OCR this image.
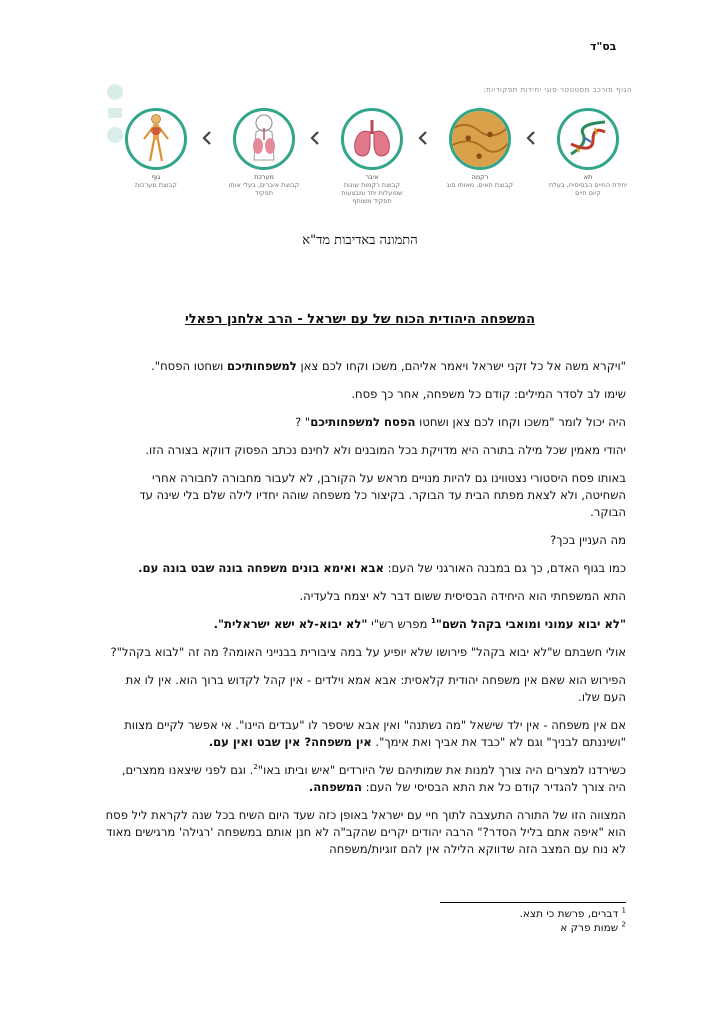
בס"ד
הגוף מורכב מסטטטר סוגי יחידות תפקודיות:
גוף
קבוצת מערכות
מערכת
קבוצת איברים, בעלי אותו תפקיד
איבר
קבוצת רקמות שונות שפועלות יחד ומבצעות תפקיד משותף
רקמה
קבוצת תאים, מאותו סוג
תא
יחידת החיים הבסיסית, בעלת קיום חיים
התמונה באדיבות מד"א
המשפחה היהודית הכוח של עם ישראל - הרב אלחנן רפאלי

"ויקרא משה אל כל זקני ישראל ויאמר אליהם, משכו וקחו לכם צאן למשפחותיכם ושחטו הפסח".

שימו לב לסדר המילים: קודם כל משפחה, אחר כך פסח.

היה יכול לומר "משכו וקחו לכם צאן ושחטו הפסח למשפחותיכם" ?

יהודי מאמין שכל מילה בתורה היא מדויקת בכל המובנים ולא לחינם נכתב הפסוק דווקא בצורה הזו.

באותו פסח היסטורי נצטווינו גם להיות מנויים מראש על הקורבן, לא לעבור מחבורה לחבורה אחרי השחיטה, ולא לצאת מפתח הבית עד הבוקר. בקיצור כל משפחה שוהה יחדיו לילה שלם בלי שינה עד הבוקר.

מה העניין בכך?

כמו בגוף האדם, כך גם במבנה האורגני של העם: אבא ואימא בונים משפחה בונה שבט בונה עם.

התא המשפחתי הוא היחידה הבסיסית ששום דבר לא יצמח בלעדיה.

"לא יבוא עמוני ומואבי בקהל השם"$^1$ מפרש רש"י "לא יבוא-לא ישא ישראלית".

אולי חשבתם ש"לא יבוא בקהל" פירושו שלא יופיע על במה ציבורית בבנייני האומה? מה זה "לבוא בקהל"?

הפירוש הוא שאם אין משפחה יהודית קלאסית: אבא אמא וילדים - אין קהל לקדוש ברוך הוא. אין לו את העם שלו.

אם אין משפחה - אין ילד שישאל "מה נשתנה" ואין אבא שיספר לו "עבדים היינו". אי אפשר לקיים מצוות "ושיננתם לבניך" וגם לא "כבד את אביך ואת אימך". אין משפחה? אין שבט ואין עם.

כשירדנו למצרים היה צורך למנות את שמותיהם של היורדים "איש וביתו באו"$^2$. וגם לפני שיצאנו ממצרים, היה צורך להגדיר קודם כל את התא הבסיסי של העם: המשפחה.

המצווה הזו של התורה התעצבה לתוך חיי עם ישראל באופן כזה שעד היום השיח בכל שנה לקראת ליל פסח הוא "איפה אתם בליל הסדר?" הרבה יהודים יקרים שהקב"ה לא חנן אותם במשפחה 'רגילה' מרגישים מאוד לא נוח עם המצב הזה שדווקא הלילה אין להם זוגיות/משפחה

$^1$ דברים, פרשת כי תצא.
$^2$ שמות פרק א
